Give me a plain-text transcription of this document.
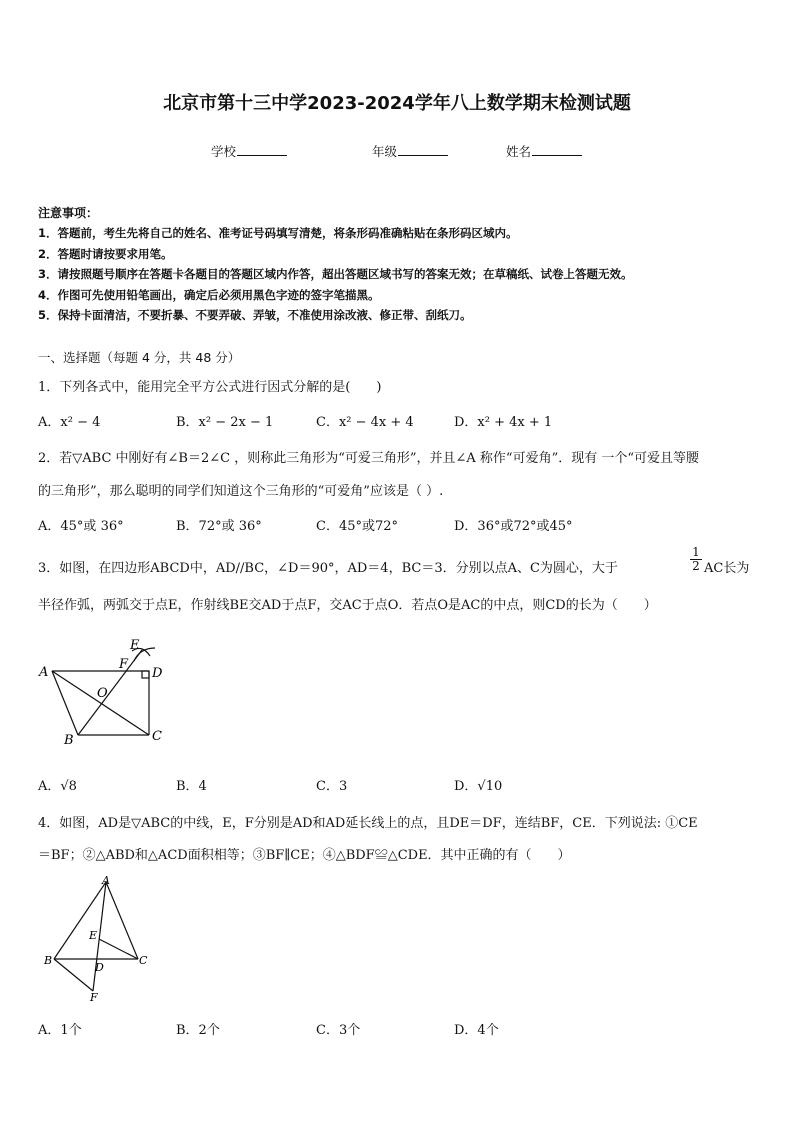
北京市第十三中学2023-2024学年八上数学期末检测试题
学校	年级	姓名
注意事项：
1．答题前，考生先将自己的姓名、准考证号码填写清楚，将条形码准确粘贴在条形码区域内。
2．答题时请按要求用笔。
3．请按照题号顺序在答题卡各题目的答题区域内作答，超出答题区域书写的答案无效；在草稿纸、试卷上答题无效。
4．作图可先使用铅笔画出，确定后必须用黑色字迹的签字笔描黑。
5．保持卡面清洁，不要折暴、不要弄破、弄皱，不准使用涂改液、修正带、刮纸刀。
一、选择题（每题 4 分，共 48 分）
1．下列各式中，能用完全平方公式进行因式分解的是(　　)
A．x² − 4	B．x² − 2x − 1	C．x² − 4x + 4	D．x² + 4x + 1
2．若▽ABC 中刚好有∠B＝2∠C ，则称此三角形为“可爱三角形”，并且∠A 称作“可爱角”．现有 一个“可爱且等腰
的三角形”，那么聪明的同学们知道这个三角形的“可爱角”应该是（ ）.
A．45°或 36°	B．72°或 36°	C．45°或72°	D．36°或72°或45°
3．如图，在四边形ABCD中，AD//BC，∠D＝90°，AD＝4，BC＝3．分别以点A、C为圆心，大于	$\frac{1}{2}$ AC长为
半径作弧，两弧交于点E，作射线BE交AD于点F，交AC于点O．若点O是AC的中点，则CD的长为（　　）
A
B	C
D
E
F
O
A．√8	B．4	C．3	D．√10
4．如图，AD是▽ABC的中线，E，F分别是AD和AD延长线上的点，且DE＝DF，连结BF，CE．下列说法: ①CE
＝BF；②△ABD和△ACD面积相等；③BF∥CE；④△BDF≌△CDE．其中正确的有（　　）
A
B	C
D
E
F
A．1个	B．2个	C．3个	D．4个
